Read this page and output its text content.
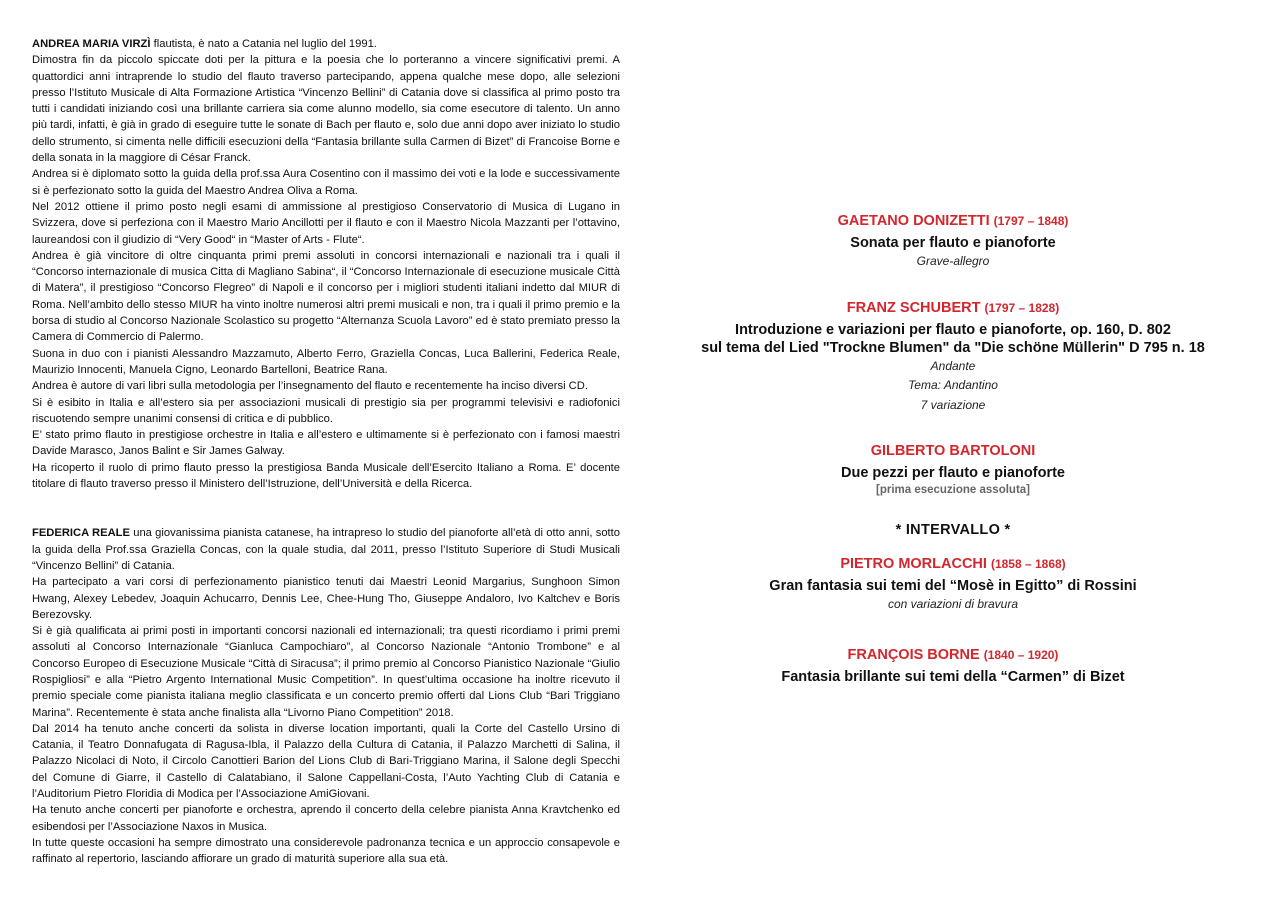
ANDREA MARIA VIRZÌ flautista, è nato a Catania nel luglio del 1991.

Dimostra fin da piccolo spiccate doti per la pittura e la poesia che lo porteranno a vincere significativi premi. A quattordici anni intraprende lo studio del flauto traverso partecipando, appena qualche mese dopo, alle selezioni presso l’Istituto Musicale di Alta Formazione Artistica “Vincenzo Bellini” di Catania dove si classifica al primo posto tra tutti i candidati iniziando così una brillante carriera sia come alunno modello, sia come esecutore di talento. Un anno più tardi, infatti, è già in grado di eseguire tutte le sonate di Bach per flauto e, solo due anni dopo aver iniziato lo studio dello strumento, si cimenta nelle difficili esecuzioni della “Fantasia brillante sulla Carmen di Bizet” di Francoise Borne e della sonata in la maggiore di César Franck.

Andrea si è diplomato sotto la guida della prof.ssa Aura Cosentino con il massimo dei voti e la lode e successivamente si è perfezionato sotto la guida del Maestro Andrea Oliva a Roma.

Nel 2012 ottiene il primo posto negli esami di ammissione al prestigioso Conservatorio di Musica di Lugano in Svizzera, dove si perfeziona con il Maestro Mario Ancillotti per il flauto e con il Maestro Nicola Mazzanti per l’ottavino, laureandosi con il giudizio di “Very Good“ in “Master of Arts - Flute“.

Andrea è già vincitore di oltre cinquanta primi premi assoluti in concorsi internazionali e nazionali tra i quali il “Concorso internazionale di musica Citta di Magliano Sabina“, il “Concorso Internazionale di esecuzione musicale Città di Matera”, il prestigioso “Concorso Flegreo” di Napoli e il concorso per i migliori studenti italiani indetto dal MIUR di Roma. Nell’ambito dello stesso MIUR ha vinto inoltre numerosi altri premi musicali e non, tra i quali il primo premio e la borsa di studio al Concorso Nazionale Scolastico su progetto “Alternanza Scuola Lavoro” ed è stato premiato presso la Camera di Commercio di Palermo.

Suona in duo con i pianisti Alessandro Mazzamuto, Alberto Ferro, Graziella Concas, Luca Ballerini, Federica Reale, Maurizio Innocenti, Manuela Cigno, Leonardo Bartelloni, Beatrice Rana.

Andrea è autore di vari libri sulla metodologia per l’insegnamento del flauto e recentemente ha inciso diversi CD.

Si è esibito in Italia e all’estero sia per associazioni musicali di prestigio sia per programmi televisivi e radiofonici riscuotendo sempre unanimi consensi di critica e di pubblico.

E’ stato primo flauto in prestigiose orchestre in Italia e all’estero e ultimamente si è perfezionato con i famosi maestri Davide Marasco, Janos Balint e Sir James Galway.

Ha ricoperto il ruolo di primo flauto presso la prestigiosa Banda Musicale dell’Esercito Italiano a Roma. E’ docente titolare di flauto traverso presso il Ministero dell’Istruzione, dell’Università e della Ricerca.

FEDERICA REALE una giovanissima pianista catanese, ha intrapreso lo studio del pianoforte all’età di otto anni, sotto la guida della Prof.ssa Graziella Concas, con la quale studia, dal 2011, presso l’Istituto Superiore di Studi Musicali “Vincenzo Bellini” di Catania.

Ha partecipato a vari corsi di perfezionamento pianistico tenuti dai Maestri Leonid Margarius, Sunghoon Simon Hwang, Alexey Lebedev, Joaquin Achucarro, Dennis Lee, Chee-Hung Tho, Giuseppe Andaloro, Ivo Kaltchev e Boris Berezovsky.

Si è già qualificata ai primi posti in importanti concorsi nazionali ed internazionali; tra questi ricordiamo i primi premi assoluti al Concorso Internazionale “Gianluca Campochiaro”, al Concorso Nazionale “Antonio Trombone” e al Concorso Europeo di Esecuzione Musicale “Città di Siracusa”; il primo premio al Concorso Pianistico Nazionale “Giulio Rospigliosi” e alla “Pietro Argento International Music Competition”. In quest’ultima occasione ha inoltre ricevuto il premio speciale come pianista italiana meglio classificata e un concerto premio offerti dal Lions Club “Bari Triggiano Marina”. Recentemente è stata anche finalista alla “Livorno Piano Competition” 2018.

Dal 2014 ha tenuto anche concerti da solista in diverse location importanti, quali la Corte del Castello Ursino di Catania, il Teatro Donnafugata di Ragusa-Ibla, il Palazzo della Cultura di Catania, il Palazzo Marchetti di Salina, il Palazzo Nicolaci di Noto, il Circolo Canottieri Barion del Lions Club di Bari-Triggiano Marina, il Salone degli Specchi del Comune di Giarre, il Castello di Calatabiano, il Salone Cappellani-Costa, l’Auto Yachting Club di Catania e l’Auditorium Pietro Floridia di Modica per l’Associazione AmiGiovani.

Ha tenuto anche concerti per pianoforte e orchestra, aprendo il concerto della celebre pianista Anna Kravtchenko ed esibendosi per l’Associazione Naxos in Musica.

In tutte queste occasioni ha sempre dimostrato una considerevole padronanza tecnica e un approccio consapevole e raffinato al repertorio, lasciando affiorare un grado di maturità superiore alla sua età.

GAETANO DONIZETTI (1797 – 1848)

Sonata per flauto e pianoforte

Grave-allegro

FRANZ SCHUBERT (1797 – 1828)

Introduzione e variazioni per flauto e pianoforte, op. 160, D. 802

sul tema del Lied "Trockne Blumen" da "Die schöne Müllerin" D 795 n. 18

Andante

Tema: Andantino

7 variazione

GILBERTO BARTOLONI

Due pezzi per flauto e pianoforte

[prima esecuzione assoluta]

* INTERVALLO *

PIETRO MORLACCHI (1858 – 1868)

Gran fantasia sui temi del “Mosè in Egitto” di Rossini

con variazioni di bravura

FRANÇOIS BORNE (1840 – 1920)

Fantasia brillante sui temi della “Carmen” di Bizet
